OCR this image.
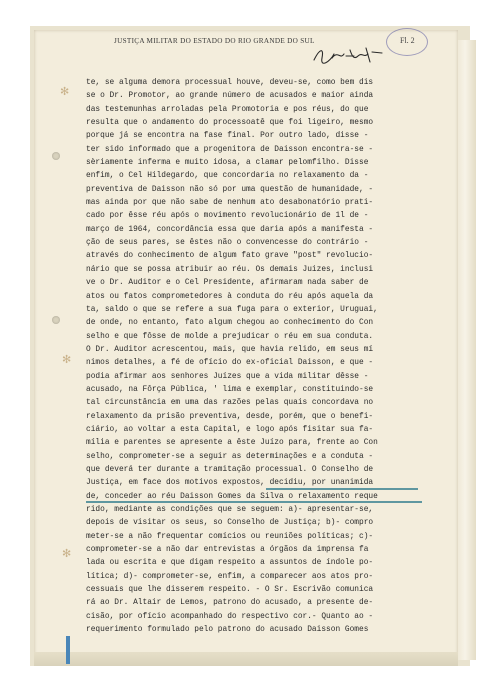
✻
✻
✻
JUSTIÇA MILITAR DO ESTADO DO RIO GRANDE DO SUL	Fl. 2
te, se alguma demora processual houve, deveu-se, como bem dis
se o Dr. Promotor, ao grande número de acusados e maior ainda
das testemunhas arroladas pela Promotoria e pos réus, do que
resulta que o andamento do processoatê que foi ligeiro, mesmo
porque já se encontra na fase final. Por outro lado, disse -
ter sido informado que a progenitora de Daisson encontra-se -
sèriamente inferma e muito idosa, a clamar pelomfilho. Disse
enfim, o Cel Hildegardo, que concordaria no relaxamento da -
preventiva de Daisson não só por uma questão de humanidade, -
mas ainda por que não sabe de nenhum ato desabonatório prati-
cado por êsse réu após o movimento revolucionário de 1l de -
março de 1964, concordância essa que daria após a manifesta -
ção de seus pares, se êstes não o convencesse do contrário -
através do conhecimento de algum fato grave "post" revolucio-
nário que se possa atribuir ao réu. Os demais Juizes, inclusi
ve o Dr. Auditor e o Cel Presidente, afirmaram nada saber de
atos ou fatos comprometedores à conduta do réu após aquela da
ta, saldo o que se refere a sua fuga para o exterior, Uruguai,
de onde, no entanto, fato algum chegou ao conhecimento do Con
selho e que fôsse de molde a prejudicar o réu em sua conduta.
O Dr. Auditor acrescentou, mais, que havia relido, em seus mí
nimos detalhes, a fé de ofício do ex-oficial Daisson, e que -
podia afirmar aos senhores Juízes que a vida militar dêsse -
acusado, na Fôrça Pública, ' lima e exemplar, constituindo-se
tal circunstância em uma das razões pelas quais concordava no
relaxamento da prisão preventiva, desde, porém, que o benefi-
ciário, ao voltar a esta Capital, e logo após fisitar sua fa-
mília e parentes se apresente a êste Juízo para, frente ao Con
selho, comprometer-se a seguir as determinações e a conduta -
que deverá ter durante a tramitação processual. O Conselho de
Justiça, em face dos motivos expostos, decidiu, por unanimida
de, conceder ao réu Daisson Gomes da Silva o relaxamento reque
rido, mediante as condições que se seguem: a)- apresentar-se,
depois de visitar os seus, so Conselho de Justiça; b)- compro
meter-se a não frequentar comícios ou reuniões políticas; c)-
comprometer-se a não dar entrevistas a órgãos da imprensa fa
lada ou escrita e que digam respeito a assuntos de índole po-
lítica; d)- comprometer-se, enfim, a comparecer aos atos pro-
cessuais que lhe disserem respeito. - O Sr. Escrivão comunica
rá ao Dr. Altair de Lemos, patrono do acusado, a presente de-
cisão, por ofício acompanhado do respectivo cor.- Quanto ao -
requerimento formulado pelo patrono do acusado Daisson Gomes
